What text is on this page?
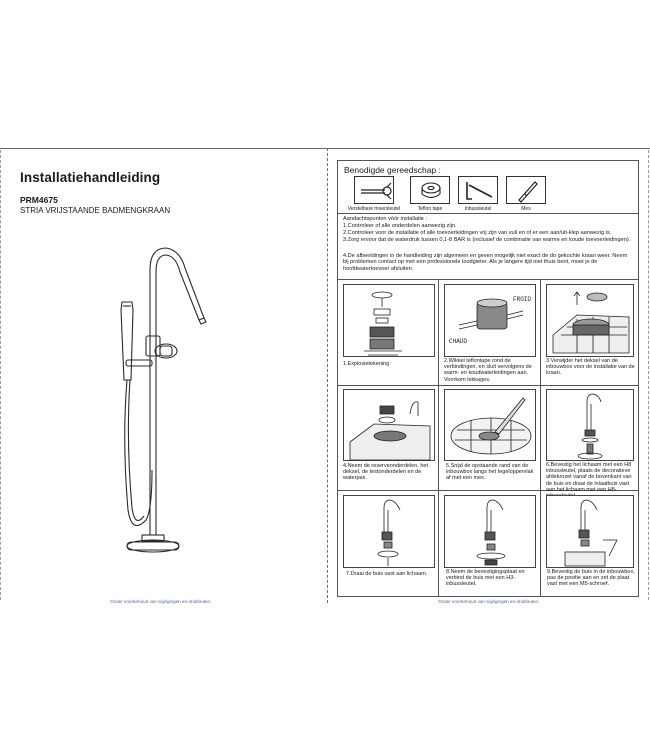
Installatiehandleiding
PRM4675
STRIA VRIJSTAANDE BADMENGKRAAN
Onder voorbehoud van wijzigingen en drukfouten.
Benodigde gereedschap :
Verstelbare moersleutel	Teflon tape	Inbussleutel	Mes
Aandachtspunten vóór installatie :
1.Controleer of alle onderdelen aanwezig zijn.
2.Controleer voor de installatie of alle toevoerleidingen vrij zijn van vuil en of er een aan/uit-klep aanwezig is.
3.Zorg ervoor dat de waterdruk tussen 0,1-8 BAR is (inclusief de combinatie van warme en koude toevoerleidingen).
4.De afbeeldingen in de handleiding zijn algemeen en geven mogelijk niet exact de do gekochte kraan weer. Neem bij problemen contact op met een professionele loodgieter. Als je langere tijd niet thuis bent, moet je de hoofdwatertoevoer afsluiten.
1.Explosietekening
FROID
CHAUD
2.Wikkel teflontape rond de verbindingen, en sluit vervolgens de warm- en koudwaterleidingen aan. Voorkom lekkages.
3.Verwijder het deksel van de inbouwbox voor de installatie van de kraan.
4.Neem de reserveonderdelen, het deksel, de testonderdelen en de waterpas.
5.Snijd de opstaande rand van de inbouwbox langs het tegeloppervlak af met een mes.
6.Bevestig het lichaam met een H8 inbussleutel, plaats de decoratieve afdekrozet vanaf de bovenkant van de buis en draai de inlaatbuis vast aan het lichaam met een H8-
7.Draai de buis vast aan lichaam.	8.Neem de bevestigingsplaat en verbind de buis met een H3-inbussleutel.
9.Bevestig de buis in de inbouwbox, pas de positie aan en zet de plaat vast met een M5-schroef.
Onder voorbehoud van wijzigingen en drukfouten.
